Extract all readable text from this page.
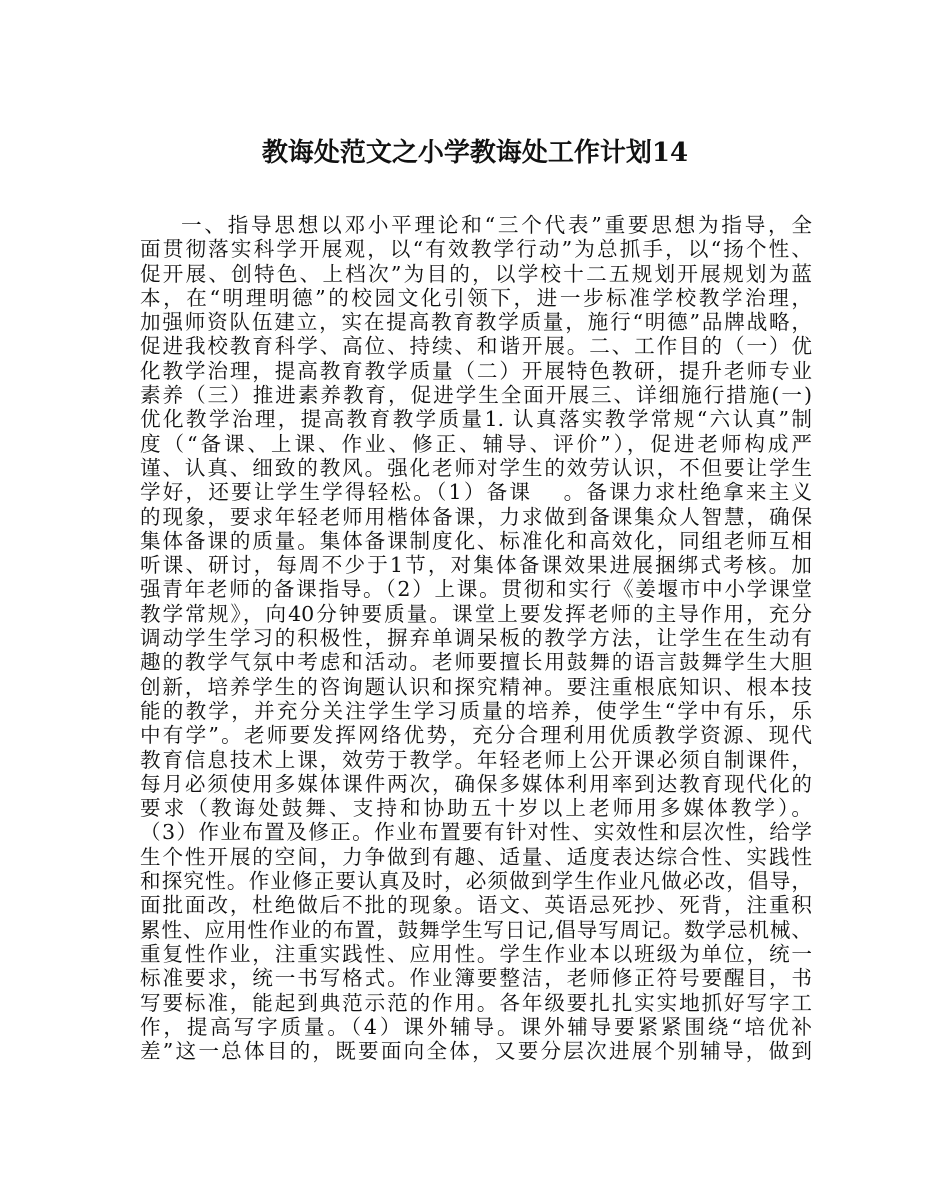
教诲处范文之小学教诲处工作计划14
一、指导思想以邓小平理论和“三个代表”重要思想为指导，全
面贯彻落实科学开展观，以“有效教学行动”为总抓手，以“扬个性、
促开展、创特色、上档次”为目的，以学校十二五规划开展规划为蓝
本，在“明理明德”的校园文化引领下，进一步标准学校教学治理，
加强师资队伍建立，实在提高教育教学质量，施行“明德”品牌战略，
促进我校教育科学、高位、持续、和谐开展。二、工作目的（一）优
化教学治理，提高教育教学质量（二）开展特色教研，提升老师专业
素养（三）推进素养教育，促进学生全面开展三、详细施行措施(一)
优化教学治理，提高教育教学质量1. 认真落实教学常规“六认真”制
度（“备课、上课、作业、修正、辅导、评价”），促进老师构成严
谨、认真、细致的教风。强化老师对学生的效劳认识，不但要让学生
学好，还要让学生学得轻松。（1）备课　 。备课力求杜绝拿来主义
的现象，要求年轻老师用楷体备课，力求做到备课集众人智慧，确保
集体备课的质量。集体备课制度化、标准化和高效化，同组老师互相
听课、研讨，每周不少于1节，对集体备课效果进展捆绑式考核。加
强青年老师的备课指导。（2）上课。贯彻和实行《姜堰市中小学课堂
教学常规》，向40分钟要质量。课堂上要发挥老师的主导作用，充分
调动学生学习的积极性，摒弃单调呆板的教学方法，让学生在生动有
趣的教学气氛中考虑和活动。老师要擅长用鼓舞的语言鼓舞学生大胆
创新，培养学生的咨询题认识和探究精神。要注重根底知识、根本技
能的教学，并充分关注学生学习质量的培养，使学生“学中有乐，乐
中有学”。老师要发挥网络优势，充分合理利用优质教学资源、现代
教育信息技术上课，效劳于教学。年轻老师上公开课必须自制课件，
每月必须使用多媒体课件两次，确保多媒体利用率到达教育现代化的
要求（教诲处鼓舞、支持和协助五十岁以上老师用多媒体教学）。
（3）作业布置及修正。作业布置要有针对性、实效性和层次性，给学
生个性开展的空间，力争做到有趣、适量、适度表达综合性、实践性
和探究性。作业修正要认真及时，必须做到学生作业凡做必改，倡导，
面批面改，杜绝做后不批的现象。语文、英语忌死抄、死背，注重积
累性、应用性作业的布置，鼓舞学生写日记,倡导写周记。数学忌机械、
重复性作业，注重实践性、应用性。学生作业本以班级为单位，统一
标准要求，统一书写格式。作业簿要整洁，老师修正符号要醒目，书
写要标准，能起到典范示范的作用。各年级要扎扎实实地抓好写字工
作，提高写字质量。（4）课外辅导。课外辅导要紧紧围绕“培优补
差”这一总体目的，既要面向全体，又要分层次进展个别辅导，做到
